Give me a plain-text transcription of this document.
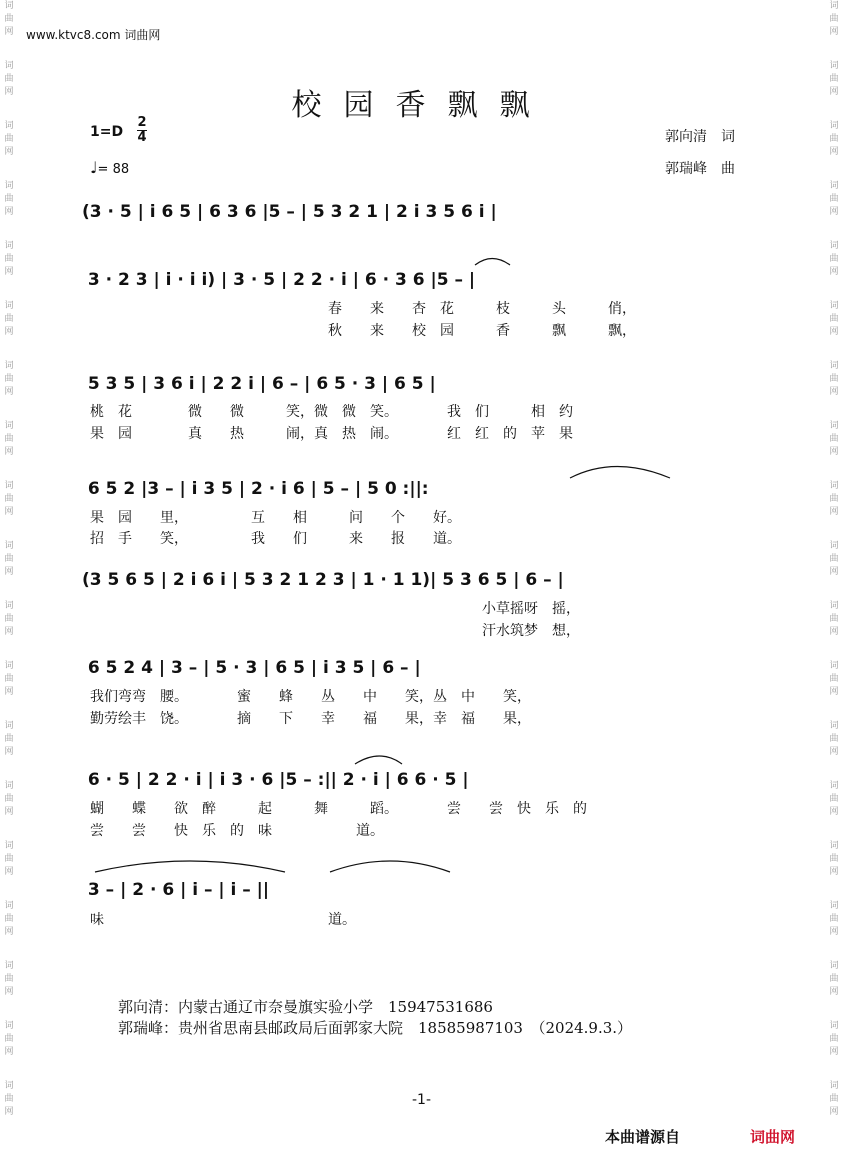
词曲网
词曲网
词曲网
词曲网
词曲网
词曲网
词曲网
词曲网
词曲网
词曲网
词曲网
词曲网
词曲网
词曲网
词曲网
词曲网
词曲网
词曲网
词曲网
词曲网
词曲网
词曲网
词曲网
词曲网
词曲网
词曲网
词曲网
词曲网
词曲网
词曲网
词曲网
词曲网
词曲网
词曲网
词曲网
词曲网
词曲网
词曲网
www.ktvc8.com 词曲网
校园香飘飘
1=D
2
4
♩= 88
郭向清　词
郭瑞峰　曲
(3 · 5 | i 6 5 | 6 3 6 |5 – | 5 3 2 1 | 2 i 3 5 6 i |
3 · 2 3 | i · i i) | 3 · 5 | 2 2 · i | 6 · 3 6 |5 – |
春　　来　　杏　花　　　枝　　　头　　　俏，
秋　　来　　校　园　　　香　　　飘　　　飘，
5 3 5 | 3 6 i | 2 2 i | 6 – | 6 5 · 3 | 6 5 |
桃　花　　　　微　　微　　　笑，微　微　笑。　　　　我　们　　　相　约
果　园　　　　真　　热　　　闹，真　热　闹。　　　　红　红　的　苹　果
6 5 2 |3 – | i 3 5 | 2 · i 6 | 5 – | 5 0 :||:
果　园　　里，　　　　　互　　相　　　问　　个　　好。
招　手　　笑，　　　　　我　　们　　　来　　报　　道。
(3 5 6 5 | 2 i 6 i | 5 3 2 1 2 3 | 1 · 1 1)| 5 3 6 5 | 6 – |
　　　　　　　　　　　　　　　　　　　　　　　　　　　　小草摇呀　摇，
　　　　　　　　　　　　　　　　　　　　　　　　　　　　汗水筑梦　想，
6 5 2 4 | 3 – | 5 · 3 | 6 5 | i 3 5 | 6 – |
我们弯弯　腰。　　　　蜜　　蜂　　丛　　中　　笑，丛　中　　笑，
勤劳绘丰　饶。　　　　摘　　下　　幸　　福　　果，幸　福　　果，
6 · 5 | 2 2 · i | i 3 · 6 |5 – :|| 2 · i | 6 6 · 5 |
蝴　　蝶　　欲　醉　　　起　　　舞　　　蹈。　　　　尝　　尝　快　乐　的
尝　　尝　　快　乐　的　味　　　　　　道。
3 – | 2 · 6 | i – | i – ||
味　　　　　　　　　　　　　　　　道。
郭向清：内蒙古通辽市奈曼旗实验小学　15947531686
郭瑞峰：贵州省思南县邮政局后面郭家大院　18585987103　（2024.9.3.）
-1-
本曲谱源自	词曲网
